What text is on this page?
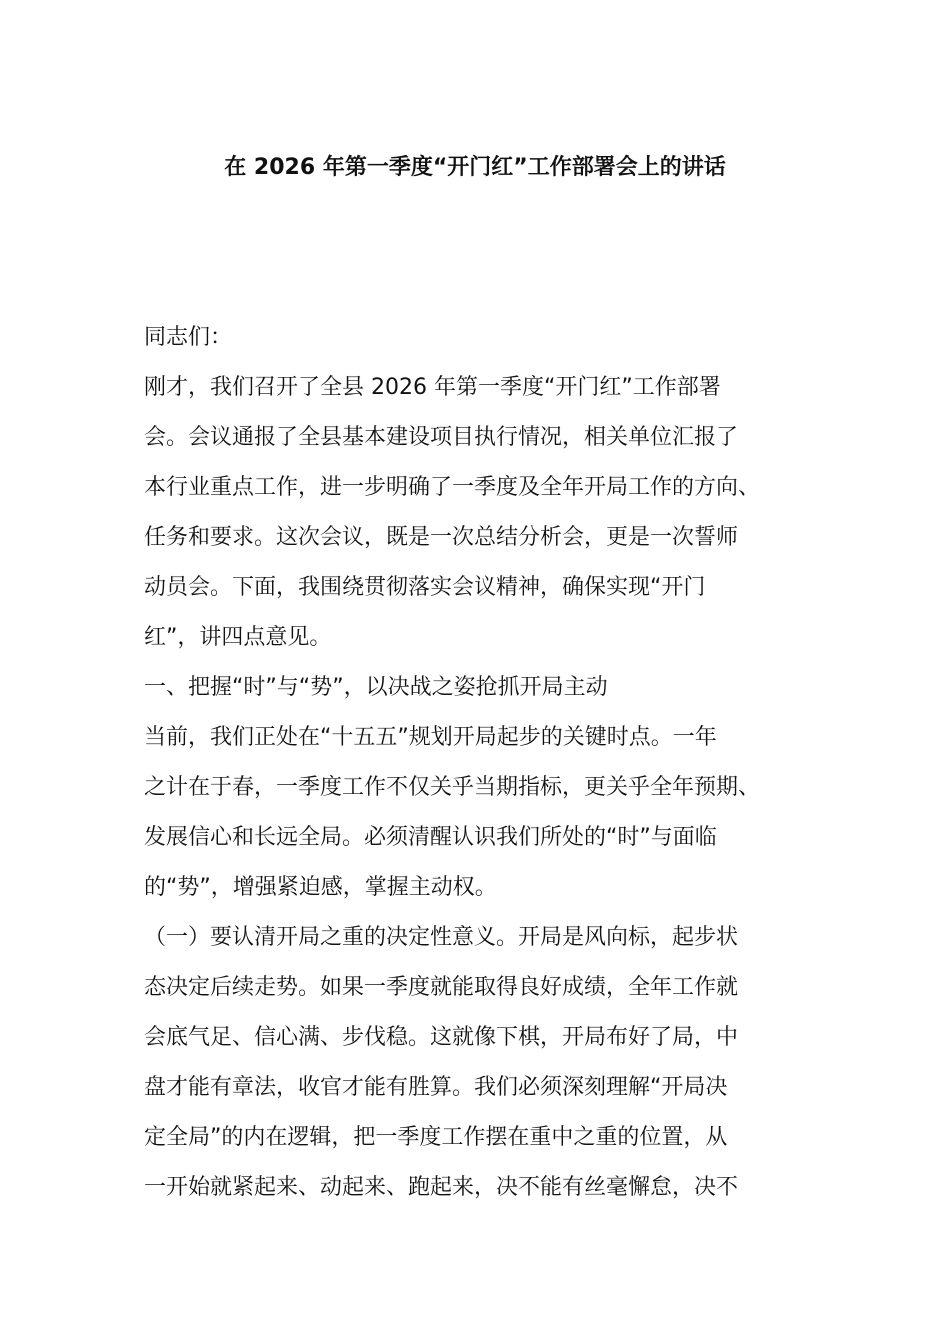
在 2026 年第一季度“开门红”工作部署会上的讲话
同志们：
刚才，我们召开了全县 2026 年第一季度“开门红”工作部署
会。会议通报了全县基本建设项目执行情况，相关单位汇报了
本行业重点工作，进一步明确了一季度及全年开局工作的方向、
任务和要求。这次会议，既是一次总结分析会，更是一次誓师
动员会。下面，我围绕贯彻落实会议精神，确保实现“开门
红”，讲四点意见。
一、把握“时”与“势”，以决战之姿抢抓开局主动
当前，我们正处在“十五五”规划开局起步的关键时点。一年
之计在于春，一季度工作不仅关乎当期指标，更关乎全年预期、
发展信心和长远全局。必须清醒认识我们所处的“时”与面临
的“势”，增强紧迫感，掌握主动权。
（一）要认清开局之重的决定性意义。开局是风向标，起步状
态决定后续走势。如果一季度就能取得良好成绩，全年工作就
会底气足、信心满、步伐稳。这就像下棋，开局布好了局，中
盘才能有章法，收官才能有胜算。我们必须深刻理解“开局决
定全局”的内在逻辑，把一季度工作摆在重中之重的位置，从
一开始就紧起来、动起来、跑起来，决不能有丝毫懈怠，决不
